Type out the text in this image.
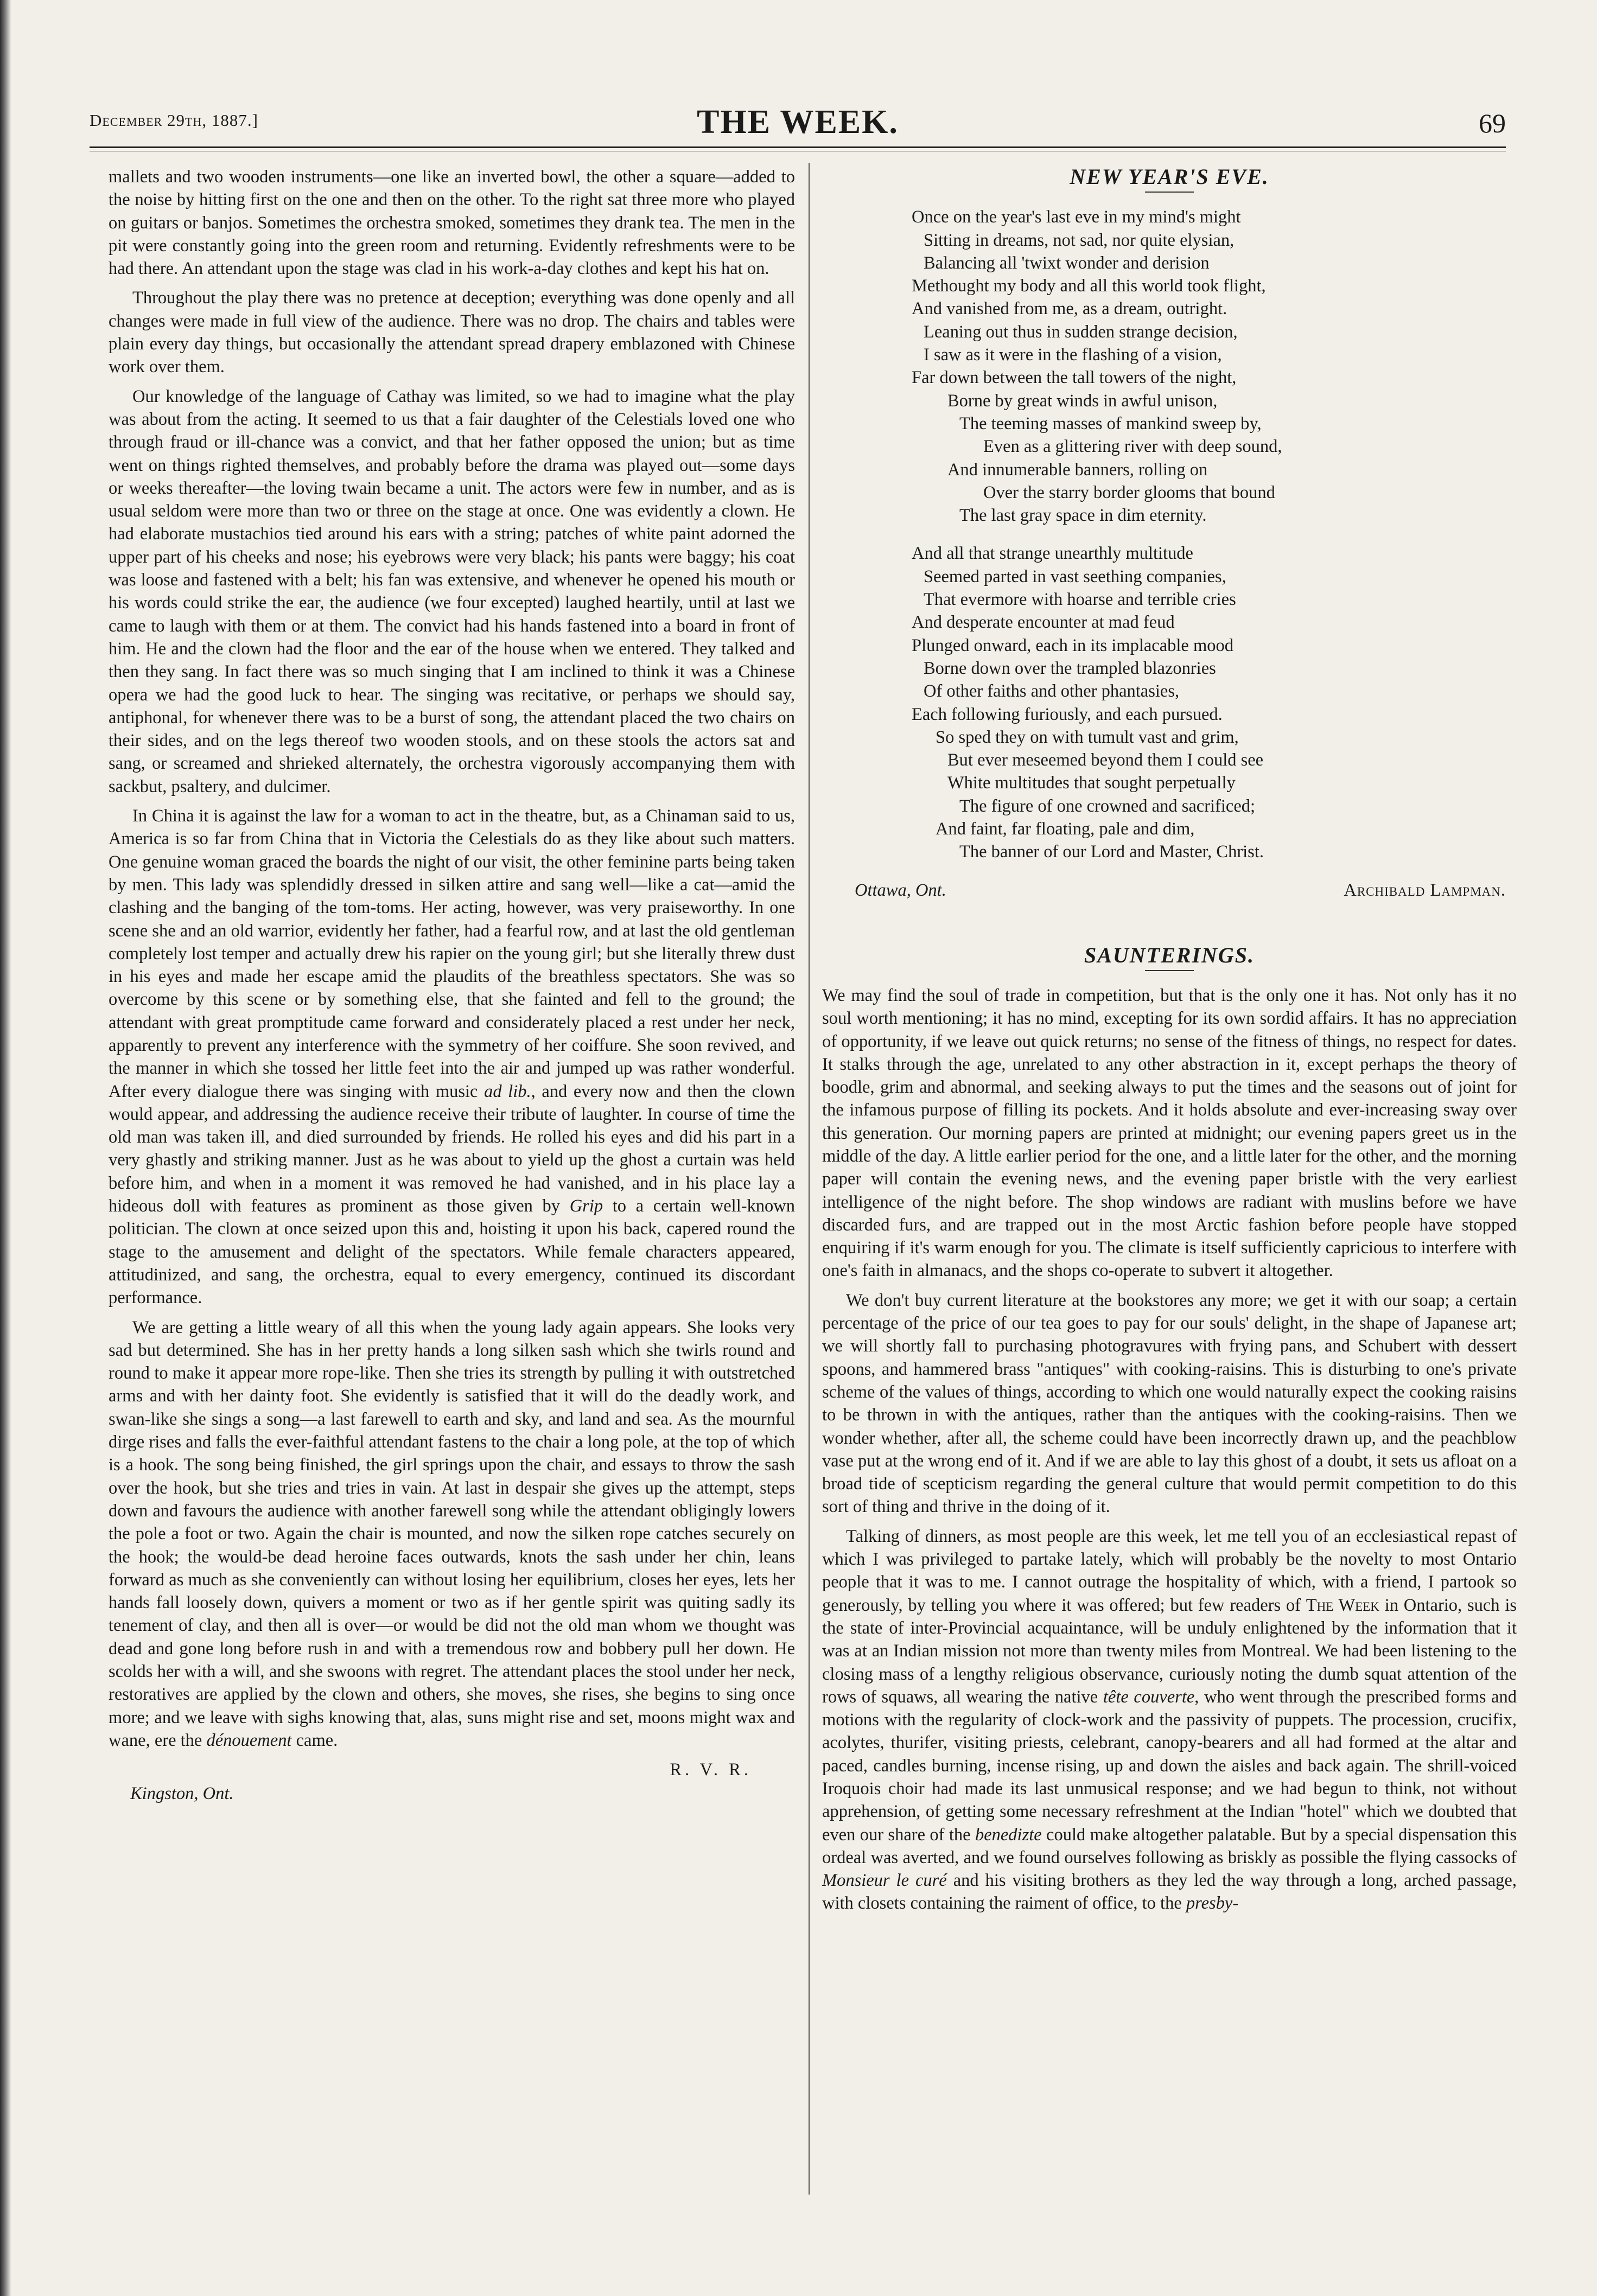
December 29th, 1887.]	THE WEEK.	69

mallets and two wooden instruments—one like an inverted bowl, the other a square—added to the noise by hitting first on the one and then on the other. To the right sat three more who played on guitars or banjos. Sometimes the orchestra smoked, sometimes they drank tea. The men in the pit were constantly going into the green room and returning. Evidently refreshments were to be had there. An attendant upon the stage was clad in his work-a-day clothes and kept his hat on.

Throughout the play there was no pretence at deception; everything was done openly and all changes were made in full view of the audience. There was no drop. The chairs and tables were plain every day things, but occasionally the attendant spread drapery emblazoned with Chinese work over them.

Our knowledge of the language of Cathay was limited, so we had to imagine what the play was about from the acting. It seemed to us that a fair daughter of the Celestials loved one who through fraud or ill-chance was a convict, and that her father opposed the union; but as time went on things righted themselves, and probably before the drama was played out—some days or weeks thereafter—the loving twain became a unit. The actors were few in number, and as is usual seldom were more than two or three on the stage at once. One was evidently a clown. He had elaborate mustachios tied around his ears with a string; patches of white paint adorned the upper part of his cheeks and nose; his eyebrows were very black; his pants were baggy; his coat was loose and fastened with a belt; his fan was extensive, and whenever he opened his mouth or his words could strike the ear, the audience (we four excepted) laughed heartily, until at last we came to laugh with them or at them. The convict had his hands fastened into a board in front of him. He and the clown had the floor and the ear of the house when we entered. They talked and then they sang. In fact there was so much singing that I am inclined to think it was a Chinese opera we had the good luck to hear. The singing was recitative, or perhaps we should say, antiphonal, for whenever there was to be a burst of song, the attendant placed the two chairs on their sides, and on the legs thereof two wooden stools, and on these stools the actors sat and sang, or screamed and shrieked alternately, the orchestra vigorously accompanying them with sackbut, psaltery, and dulcimer.

In China it is against the law for a woman to act in the theatre, but, as a Chinaman said to us, America is so far from China that in Victoria the Celestials do as they like about such matters. One genuine woman graced the boards the night of our visit, the other feminine parts being taken by men. This lady was splendidly dressed in silken attire and sang well—like a cat—amid the clashing and the banging of the tom-toms. Her acting, however, was very praiseworthy. In one scene she and an old warrior, evidently her father, had a fearful row, and at last the old gentleman completely lost temper and actually drew his rapier on the young girl; but she literally threw dust in his eyes and made her escape amid the plaudits of the breathless spectators. She was so overcome by this scene or by something else, that she fainted and fell to the ground; the attendant with great promptitude came forward and considerately placed a rest under her neck, apparently to prevent any interference with the symmetry of her coiffure. She soon revived, and the manner in which she tossed her little feet into the air and jumped up was rather wonderful. After every dialogue there was singing with music ad lib., and every now and then the clown would appear, and addressing the audience receive their tribute of laughter. In course of time the old man was taken ill, and died surrounded by friends. He rolled his eyes and did his part in a very ghastly and striking manner. Just as he was about to yield up the ghost a curtain was held before him, and when in a moment it was removed he had vanished, and in his place lay a hideous doll with features as prominent as those given by Grip to a certain well-known politician. The clown at once seized upon this and, hoisting it upon his back, capered round the stage to the amusement and delight of the spectators. While female characters appeared, attitudinized, and sang, the orchestra, equal to every emergency, continued its discordant performance.

We are getting a little weary of all this when the young lady again appears. She looks very sad but determined. She has in her pretty hands a long silken sash which she twirls round and round to make it appear more rope-like. Then she tries its strength by pulling it with outstretched arms and with her dainty foot. She evidently is satisfied that it will do the deadly work, and swan-like she sings a song—a last farewell to earth and sky, and land and sea. As the mournful dirge rises and falls the ever-faithful attendant fastens to the chair a long pole, at the top of which is a hook. The song being finished, the girl springs upon the chair, and essays to throw the sash over the hook, but she tries and tries in vain. At last in despair she gives up the attempt, steps down and favours the audience with another farewell song while the attendant obligingly lowers the pole a foot or two. Again the chair is mounted, and now the silken rope catches securely on the hook; the would-be dead heroine faces outwards, knots the sash under her chin, leans forward as much as she conveniently can without losing her equilibrium, closes her eyes, lets her hands fall loosely down, quivers a moment or two as if her gentle spirit was quiting sadly its tenement of clay, and then all is over—or would be did not the old man whom we thought was dead and gone long before rush in and with a tremendous row and bobbery pull her down. He scolds her with a will, and she swoons with regret. The attendant places the stool under her neck, restoratives are applied by the clown and others, she moves, she rises, she begins to sing once more; and we leave with sighs knowing that, alas, suns might rise and set, moons might wax and wane, ere the dénouement came.

R. V. R.
Kingston, Ont.
NEW YEAR'S EVE.
Once on the year's last eve in my mind's might
Sitting in dreams, not sad, nor quite elysian,
Balancing all 'twixt wonder and derision
Methought my body and all this world took flight,
And vanished from me, as a dream, outright.
Leaning out thus in sudden strange decision,
I saw as it were in the flashing of a vision,
Far down between the tall towers of the night,
Borne by great winds in awful unison,
The teeming masses of mankind sweep by,
Even as a glittering river with deep sound,
And innumerable banners, rolling on
Over the starry border glooms that bound
The last gray space in dim eternity.
And all that strange unearthly multitude
Seemed parted in vast seething companies,
That evermore with hoarse and terrible cries
And desperate encounter at mad feud
Plunged onward, each in its implacable mood
Borne down over the trampled blazonries
Of other faiths and other phantasies,
Each following furiously, and each pursued.
So sped they on with tumult vast and grim,
But ever meseemed beyond them I could see
White multitudes that sought perpetually
The figure of one crowned and sacrificed;
And faint, far floating, pale and dim,
The banner of our Lord and Master, Christ.
Ottawa, Ont.	Archibald Lampman.
SAUNTERINGS.

We may find the soul of trade in competition, but that is the only one it has. Not only has it no soul worth mentioning; it has no mind, excepting for its own sordid affairs. It has no appreciation of opportunity, if we leave out quick returns; no sense of the fitness of things, no respect for dates. It stalks through the age, unrelated to any other abstraction in it, except perhaps the theory of boodle, grim and abnormal, and seeking always to put the times and the seasons out of joint for the infamous purpose of filling its pockets. And it holds absolute and ever-increasing sway over this generation. Our morning papers are printed at midnight; our evening papers greet us in the middle of the day. A little earlier period for the one, and a little later for the other, and the morning paper will contain the evening news, and the evening paper bristle with the very earliest intelligence of the night before. The shop windows are radiant with muslins before we have discarded furs, and are trapped out in the most Arctic fashion before people have stopped enquiring if it's warm enough for you. The climate is itself sufficiently capricious to interfere with one's faith in almanacs, and the shops co-operate to subvert it altogether.

We don't buy current literature at the bookstores any more; we get it with our soap; a certain percentage of the price of our tea goes to pay for our souls' delight, in the shape of Japanese art; we will shortly fall to purchasing photogravures with frying pans, and Schubert with dessert spoons, and hammered brass "antiques" with cooking-raisins. This is disturbing to one's private scheme of the values of things, according to which one would naturally expect the cooking raisins to be thrown in with the antiques, rather than the antiques with the cooking-raisins. Then we wonder whether, after all, the scheme could have been incorrectly drawn up, and the peachblow vase put at the wrong end of it. And if we are able to lay this ghost of a doubt, it sets us afloat on a broad tide of scepticism regarding the general culture that would permit competition to do this sort of thing and thrive in the doing of it.

Talking of dinners, as most people are this week, let me tell you of an ecclesiastical repast of which I was privileged to partake lately, which will probably be the novelty to most Ontario people that it was to me. I cannot outrage the hospitality of which, with a friend, I partook so generously, by telling you where it was offered; but few readers of The Week in Ontario, such is the state of inter-Provincial acquaintance, will be unduly enlightened by the information that it was at an Indian mission not more than twenty miles from Montreal. We had been listening to the closing mass of a lengthy religious observance, curiously noting the dumb squat attention of the rows of squaws, all wearing the native tête couverte, who went through the prescribed forms and motions with the regularity of clock-work and the passivity of puppets. The procession, crucifix, acolytes, thurifer, visiting priests, celebrant, canopy-bearers and all had formed at the altar and paced, candles burning, incense rising, up and down the aisles and back again. The shrill-voiced Iroquois choir had made its last unmusical response; and we had begun to think, not without apprehension, of getting some necessary refreshment at the Indian "hotel" which we doubted that even our share of the benedizte could make altogether palatable. But by a special dispensation this ordeal was averted, and we found ourselves following as briskly as possible the flying cassocks of Monsieur le curé and his visiting brothers as they led the way through a long, arched passage, with closets containing the raiment of office, to the presby-
